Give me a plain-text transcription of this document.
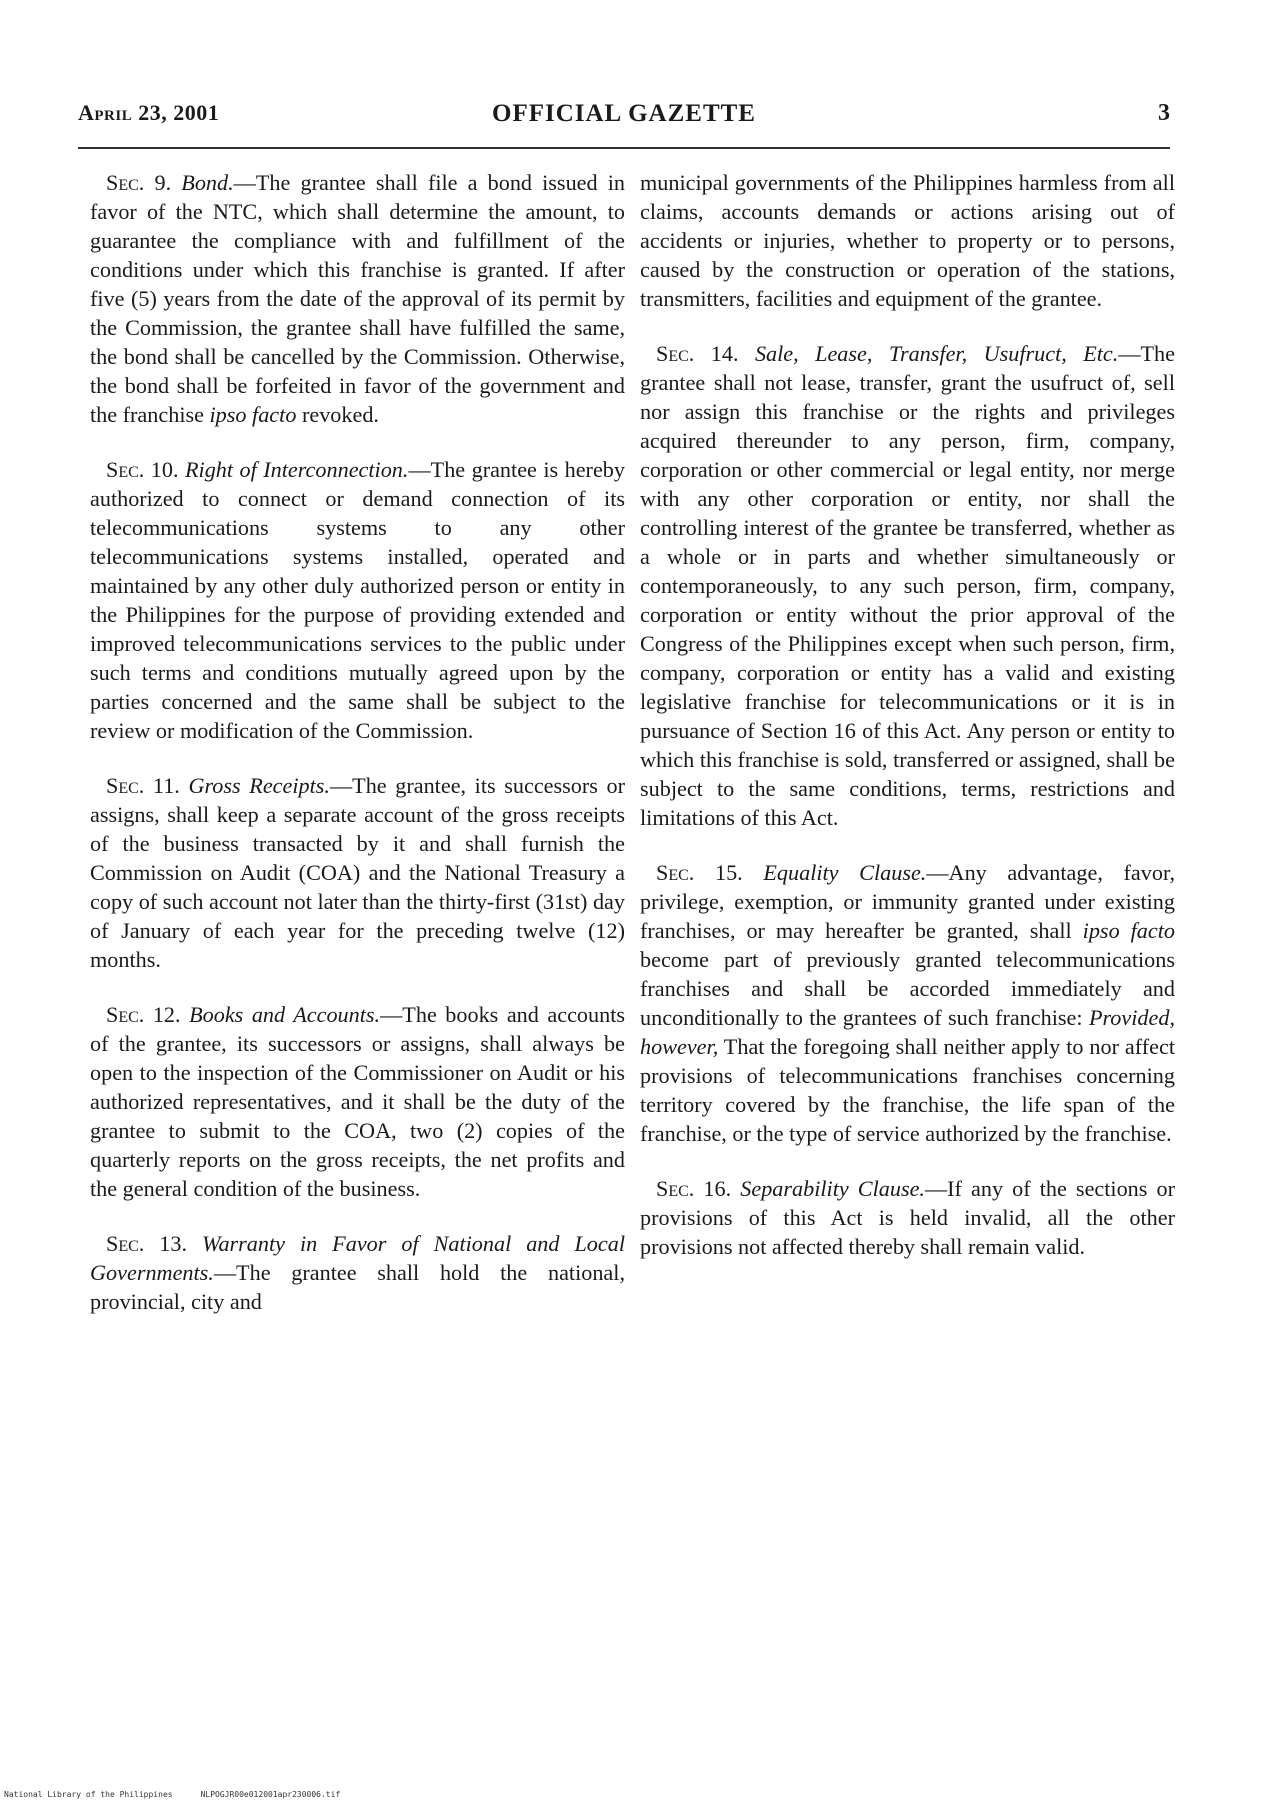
April 23, 2001	OFFICIAL GAZETTE	3

Sec. 9. Bond.—The grantee shall file a bond issued in favor of the NTC, which shall determine the amount, to guarantee the compliance with and fulfillment of the conditions under which this franchise is granted. If after five (5) years from the date of the approval of its permit by the Commission, the grantee shall have fulfilled the same, the bond shall be cancelled by the Commission. Otherwise, the bond shall be forfeited in favor of the government and the franchise ipso facto revoked.

Sec. 10. Right of Interconnection.—The grantee is hereby authorized to connect or demand connection of its telecommunications systems to any other telecommunications systems installed, operated and maintained by any other duly authorized person or entity in the Philippines for the purpose of providing extended and improved telecommunications services to the public under such terms and conditions mutually agreed upon by the parties concerned and the same shall be subject to the review or modification of the Commission.

Sec. 11. Gross Receipts.—The grantee, its successors or assigns, shall keep a separate account of the gross receipts of the business transacted by it and shall furnish the Commission on Audit (COA) and the National Treasury a copy of such account not later than the thirty-first (31st) day of January of each year for the preceding twelve (12) months.

Sec. 12. Books and Accounts.—The books and accounts of the grantee, its successors or assigns, shall always be open to the inspection of the Commissioner on Audit or his authorized representatives, and it shall be the duty of the grantee to submit to the COA, two (2) copies of the quarterly reports on the gross receipts, the net profits and the general condition of the business.

Sec. 13. Warranty in Favor of National and Local Governments.—The grantee shall hold the national, provincial, city and

municipal governments of the Philippines harmless from all claims, accounts demands or actions arising out of accidents or injuries, whether to property or to persons, caused by the construction or operation of the stations, transmitters, facilities and equipment of the grantee.

Sec. 14. Sale, Lease, Transfer, Usufruct, Etc.—The grantee shall not lease, transfer, grant the usufruct of, sell nor assign this franchise or the rights and privileges acquired thereunder to any person, firm, company, corporation or other commercial or legal entity, nor merge with any other corporation or entity, nor shall the controlling interest of the grantee be transferred, whether as a whole or in parts and whether simultaneously or contemporaneously, to any such person, firm, company, corporation or entity without the prior approval of the Congress of the Philippines except when such person, firm, company, corporation or entity has a valid and existing legislative franchise for telecommunications or it is in pursuance of Section 16 of this Act. Any person or entity to which this franchise is sold, transferred or assigned, shall be subject to the same conditions, terms, restrictions and limitations of this Act.

Sec. 15. Equality Clause.—Any advantage, favor, privilege, exemption, or immunity granted under existing franchises, or may hereafter be granted, shall ipso facto become part of previously granted telecommunications franchises and shall be accorded immediately and unconditionally to the grantees of such franchise: Provided, however, That the foregoing shall neither apply to nor affect provisions of telecommunications franchises concerning territory covered by the franchise, the life span of the franchise, or the type of service authorized by the franchise.

Sec. 16. Separability Clause.—If any of the sections or provisions of this Act is held invalid, all the other provisions not affected thereby shall remain valid.

National Library of the Philippines	NLPOGJR00e012001apr230006.tif
